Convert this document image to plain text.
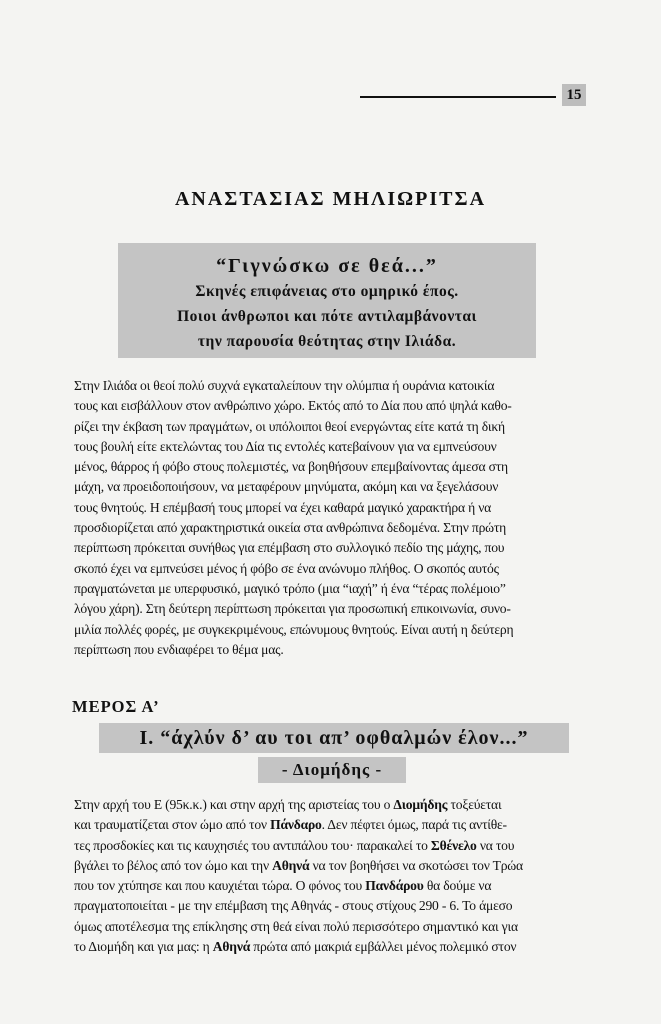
15
ΑΝΑΣΤΑΣΙΑΣ ΜΗΛΙΩΡΙΤΣΑ
“Γιγνώσκω σε θεά...”
Σκηνές επιφάνειας στο ομηρικό έπος.
Ποιοι άνθρωποι και πότε αντιλαμβάνονται
την παρουσία θεότητας στην Ιλιάδα.
Στην Ιλιάδα οι θεοί πολύ συχνά εγκαταλείπουν την ολύμπια ή ουράνια κατοικία
τους και εισβάλλουν στον ανθρώπινο χώρο. Εκτός από το Δία που από ψηλά καθο-
ρίζει την έκβαση των πραγμάτων, οι υπόλοιποι θεοί ενεργώντας είτε κατά τη δική
τους βουλή είτε εκτελώντας του Δία τις εντολές κατεβαίνουν για να εμπνεύσουν
μένος, θάρρος ή φόβο στους πολεμιστές, να βοηθήσουν επεμβαίνοντας άμεσα στη
μάχη, να προειδοποιήσουν, να μεταφέρουν μηνύματα, ακόμη και να ξεγελάσουν
τους θνητούς. Η επέμβασή τους μπορεί να έχει καθαρά μαγικό χαρακτήρα ή να
προσδιορίζεται από χαρακτηριστικά οικεία στα ανθρώπινα δεδομένα. Στην πρώτη
περίπτωση πρόκειται συνήθως για επέμβαση στο συλλογικό πεδίο της μάχης, που
σκοπό έχει να εμπνεύσει μένος ή φόβο σε ένα ανώνυμο πλήθος. Ο σκοπός αυτός
πραγματώνεται με υπερφυσικό, μαγικό τρόπο (μια “ιαχή” ή ένα “τέρας πολέμοιο”
λόγου χάρη). Στη δεύτερη περίπτωση πρόκειται για προσωπική επικοινωνία, συνο-
μιλία πολλές φορές, με συγκεκριμένους, επώνυμους θνητούς. Είναι αυτή η δεύτερη
περίπτωση που ενδιαφέρει το θέμα μας.
ΜΕΡΟΣ Α’
Ι. “άχλύν δ’ αυ τοι απ’ οφθαλμών έλον...”
- Διομήδης -
Στην αρχή του Ε (95κ.κ.) και στην αρχή της αριστείας του ο Διομήδης τοξεύεται
και τραυματίζεται στον ώμο από τον Πάνδαρο. Δεν πέφτει όμως, παρά τις αντίθε-
τες προσδοκίες και τις καυχησιές του αντιπάλου του· παρακαλεί το Σθένελο να του
βγάλει το βέλος από τον ώμο και την Αθηνά να τον βοηθήσει να σκοτώσει τον Τρώα
που τον χτύπησε και που καυχιέται τώρα. Ο φόνος του Πανδάρου θα δούμε να
πραγματοποιείται - με την επέμβαση της Αθηνάς - στους στίχους 290 - 6. Το άμεσο
όμως αποτέλεσμα της επίκλησης στη θεά είναι πολύ περισσότερο σημαντικό και για
το Διομήδη και για μας: η Αθηνά πρώτα από μακριά εμβάλλει μένος πολεμικό στον
